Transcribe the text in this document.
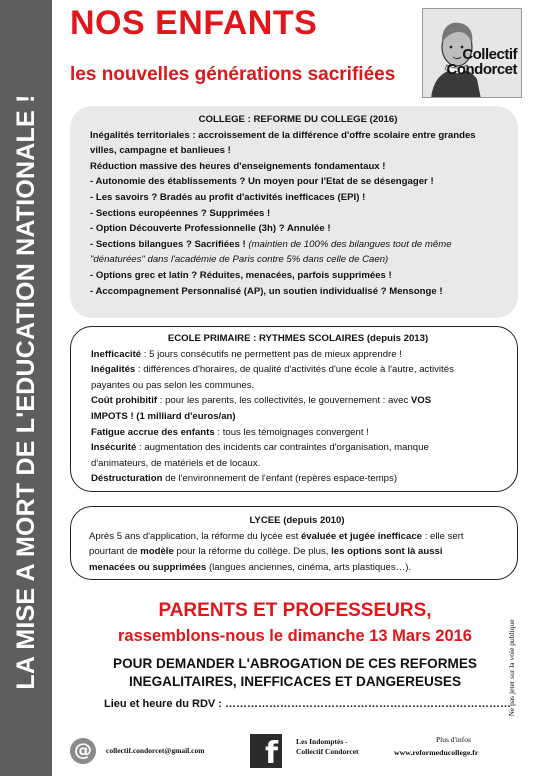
LA MISE A MORT DE L'EDUCATION NATIONALE !
NOS ENFANTS
les nouvelles générations sacrifiées
Collectif
Condorcet
COLLEGE : REFORME DU COLLEGE (2016)
Inégalités territoriales : accroissement de la différence d'offre scolaire entre grandes
villes, campagne et banlieues !
Réduction massive des heures d'enseignements fondamentaux !
- Autonomie des établissements ? Un moyen pour l'Etat de se désengager !
- Les savoirs ? Bradés au profit d'activités inefficaces (EPI) !
- Sections européennes ? Supprimées !
- Option Découverte Professionnelle (3h) ? Annulée !
- Sections bilangues ? Sacrifiées ! (maintien de 100% des bilangues tout de même
"dénaturées" dans l'académie de Paris contre 5% dans celle de Caen)
- Options grec et latin ? Réduites, menacées, parfois supprimées !
- Accompagnement Personnalisé (AP), un soutien individualisé ? Mensonge !
ECOLE PRIMAIRE : RYTHMES SCOLAIRES (depuis 2013)
Inefficacité : 5 jours consécutifs ne permettent pas de mieux apprendre !
Inégalités : différences d'horaires, de qualité d'activités d'une école à l'autre, activités
payantes ou pas selon les communes.
Coût prohibitif : pour les parents, les collectivités, le gouvernement : avec VOS
IMPOTS ! (1 milliard d'euros/an)
Fatigue accrue des enfants : tous les témoignages convergent !
Insécurité : augmentation des incidents car contraintes d'organisation, manque
d'animateurs, de matériels et de locaux.
Déstructuration de l'environnement de l'enfant (repères espace-temps)
LYCEE (depuis 2010)
Après 5 ans d'application, la réforme du lycée est évaluée et jugée inefficace : elle sert
pourtant de modèle pour la réforme du collège. De plus, les options sont là aussi
menacées ou supprimées (langues anciennes, cinéma, arts plastiques…).
PARENTS ET PROFESSEURS,
rassemblons-nous le dimanche 13 Mars 2016
POUR DEMANDER L'ABROGATION DE CES REFORMES
INEGALITAIRES, INEFFICACES ET DANGEREUSES
Lieu et heure du RDV : ……………………………………………………………………
@	collectif.condorcet@gmail.com	f	Les Indomptés -
Collectif Condorcet
Plus d'infos
www.reformeducollege.fr
Ne pas jeter sur la voie publique
